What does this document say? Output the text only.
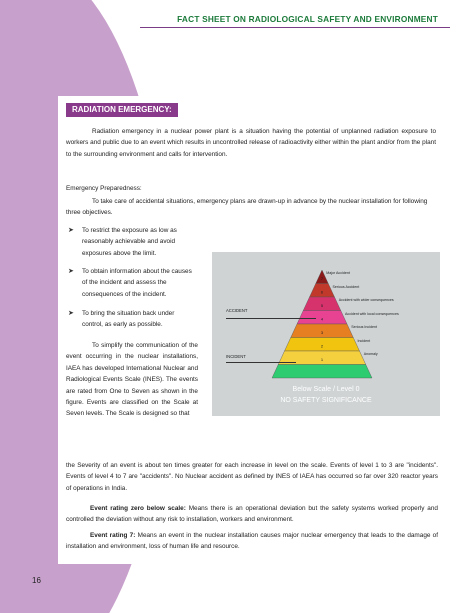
FACT SHEET ON RADIOLOGICAL SAFETY AND ENVIRONMENT
RADIATION EMERGENCY:
Radiation emergency in a nuclear power plant is a situation having the potential of unplanned radiation exposure to workers and public due to an event which results in uncontrolled release of radioactivity either within the plant and/or from the plant to the surrounding environment and calls for intervention.
Emergency Preparedness:
To take care of accidental situations, emergency plans are drawn-up in advance by the nuclear installation for following three objectives.
➤ To restrict the exposure as low as reasonably achievable and avoid exposures above the limit.
➤ To obtain information about the causes of the incident and assess the consequences of the incident.
➤ To bring the situation back under control, as early as possible.
To simplify the communication of the event occurring in the nuclear installations, IAEA has developed International Nuclear and Radiological Events Scale (INES). The events are rated from One to Seven as shown in the figure. Events are classified on the Scale at Seven levels. The Scale is designed so that
7
6
5
4
3
2
1
ACCIDENT
INCIDENT
Below Scale / Level 0
NO SAFETY SIGNIFICANCE
Major Accident
Serious Accident
Accident with wider consequences
Accident with local consequences
Serious Incident
Incident
Anomaly
the Severity of an event is about ten times greater for each increase in level on the scale. Events of level 1 to 3 are "incidents". Events of level 4 to 7 are "accidents". No Nuclear accident as defined by INES of IAEA has occurred so far over 320 reactor years of operations in India.
Event rating zero below scale: Means there is an operational deviation but the safety systems worked properly and controlled the deviation without any risk to installation, workers and environment.
Event rating 7: Means an event in the nuclear installation causes major nuclear emergency that leads to the damage of installation and environment, loss of human life and resource.
16
